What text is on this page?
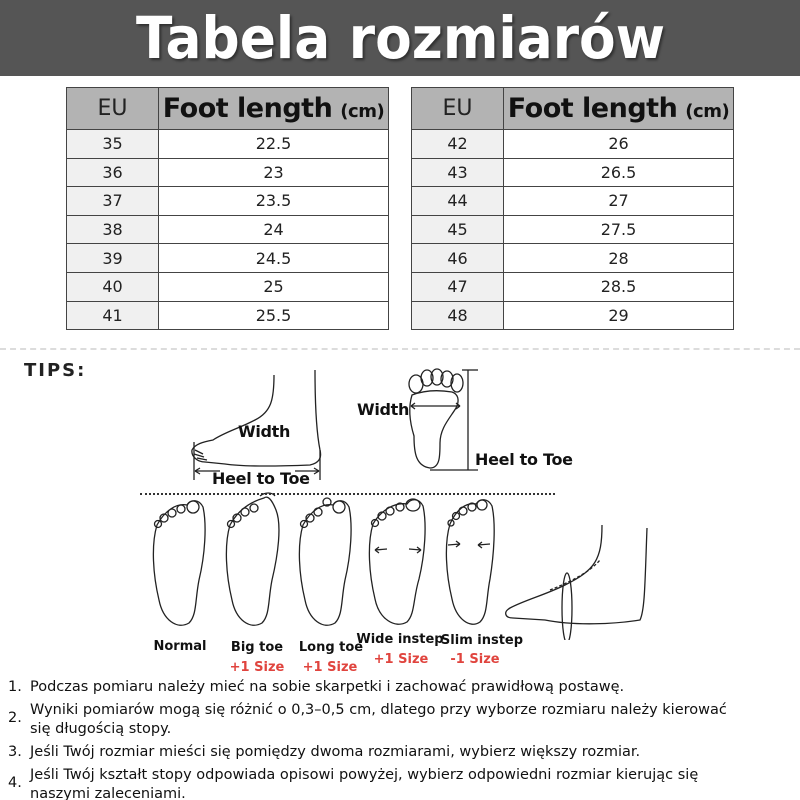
Tabela rozmiarów
EU	Foot length (cm)
35	22.5
36	23
37	23.5
38	24
39	24.5
40	25
41	25.5
EU	Foot length (cm)
42	26
43	26.5
44	27
45	27.5
46	28
47	28.5
48	29
TIPS:
Width
Heel to Toe
Width
Heel to Toe
Normal	Big toe
+1 Size
Long toe
+1 Size
Wide instep
+1 Size
Slim instep
-1 Size
1. Podczas pomiaru należy mieć na sobie skarpetki i zachować prawidłową postawę.
2. Wyniki pomiarów mogą się różnić o 0,3–0,5 cm, dlatego przy wyborze rozmiaru należy kierować się długością stopy.
3. Jeśli Twój rozmiar mieści się pomiędzy dwoma rozmiarami, wybierz większy rozmiar.
4. Jeśli Twój kształt stopy odpowiada opisowi powyżej, wybierz odpowiedni rozmiar kierując się naszymi zaleceniami.
